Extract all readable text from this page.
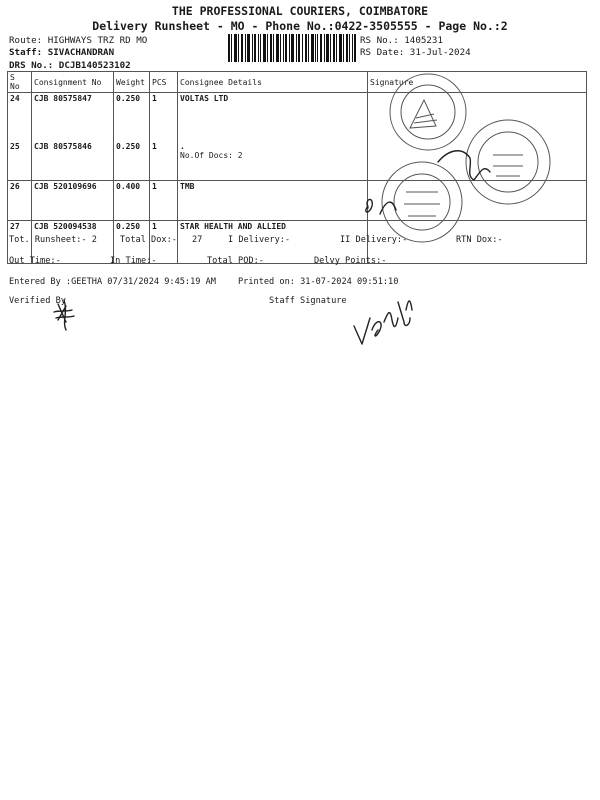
THE PROFESSIONAL COURIERS, COIMBATORE
Delivery Runsheet - MO - Phone No.:0422-3505555 - Page No.:2
Route: HIGHWAYS TRZ RD MO
Staff: SIVACHANDRAN
DRS No.: DCJB140523102
RS No.: 1405231
RS Date: 31-Jul-2024
S No	Consignment No	Weight	PCS	Consignee Details	Signature
24	CJB 80575847	0.250	1	VOLTAS LTD	
25	CJB 80575846	0.250	1	.
No.Of Docs: 2	

26	CJB 520109696	0.400	1	TMB	
27	CJB 520094538	0.250	1	STAR HEALTH AND ALLIED	
Tot. Runsheet:- 2	Total Dox:- 27	I Delivery:-	II Delivery:-	RTN Dox:-
Out Time:-	In Time:-	Total POD:-	Delvy Points:-
Entered By :GEETHA 07/31/2024 9:45:19 AM	Printed on: 31-07-2024 09:51:10
Verified By	Staff Signature
